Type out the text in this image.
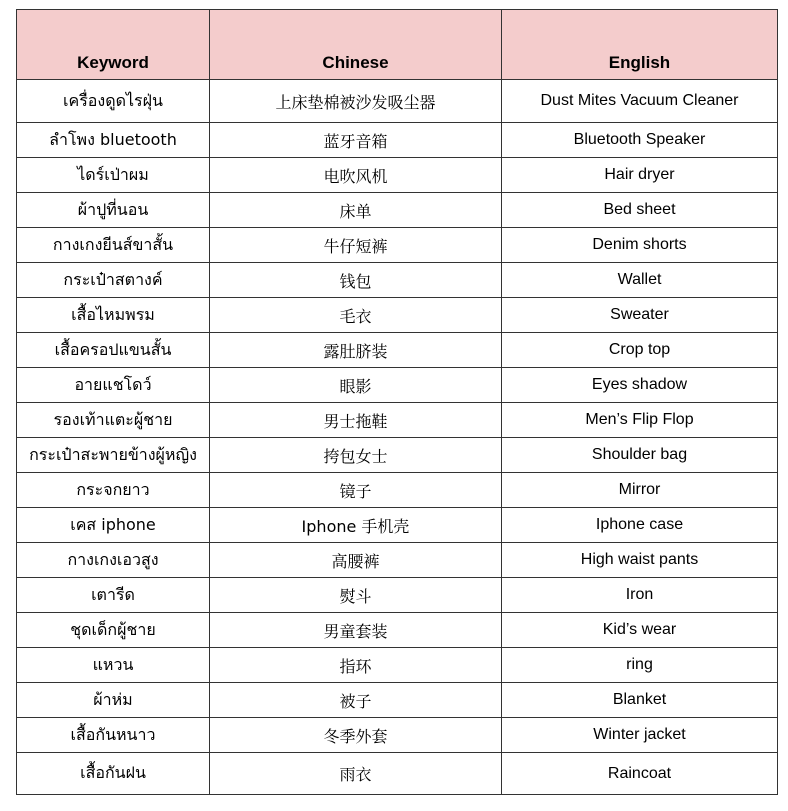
Keyword	Chinese	English
เครื่องดูดไรฝุ่น	上床垫棉被沙发吸尘器	Dust Mites Vacuum Cleaner
ลำโพง bluetooth	蓝牙音箱	Bluetooth Speaker
ไดร์เป่าผม	电吹风机	Hair dryer
ผ้าปูที่นอน	床单	Bed sheet
กางเกงยีนส์ขาสั้น	牛仔短裤	Denim shorts
กระเป๋าสตางค์	钱包	Wallet
เสื้อไหมพรม	毛衣	Sweater
เสื้อครอปแขนสั้น	露肚脐装	Crop top
อายแชโดว์	眼影	Eyes shadow
รองเท้าแตะผู้ชาย	男士拖鞋	Men’s Flip Flop
กระเป๋าสะพายข้างผู้หญิง	挎包女士	Shoulder bag
กระจกยาว	镜子	Mirror
เคส iphone	Iphone 手机壳	Iphone case
กางเกงเอวสูง	高腰裤	High waist pants
เตารีด	熨斗	Iron
ชุดเด็กผู้ชาย	男童套装	Kid’s wear
แหวน	指环	ring
ผ้าห่ม	被子	Blanket
เสื้อกันหนาว	冬季外套	Winter jacket
เสื้อกันฝน	雨衣	Raincoat
